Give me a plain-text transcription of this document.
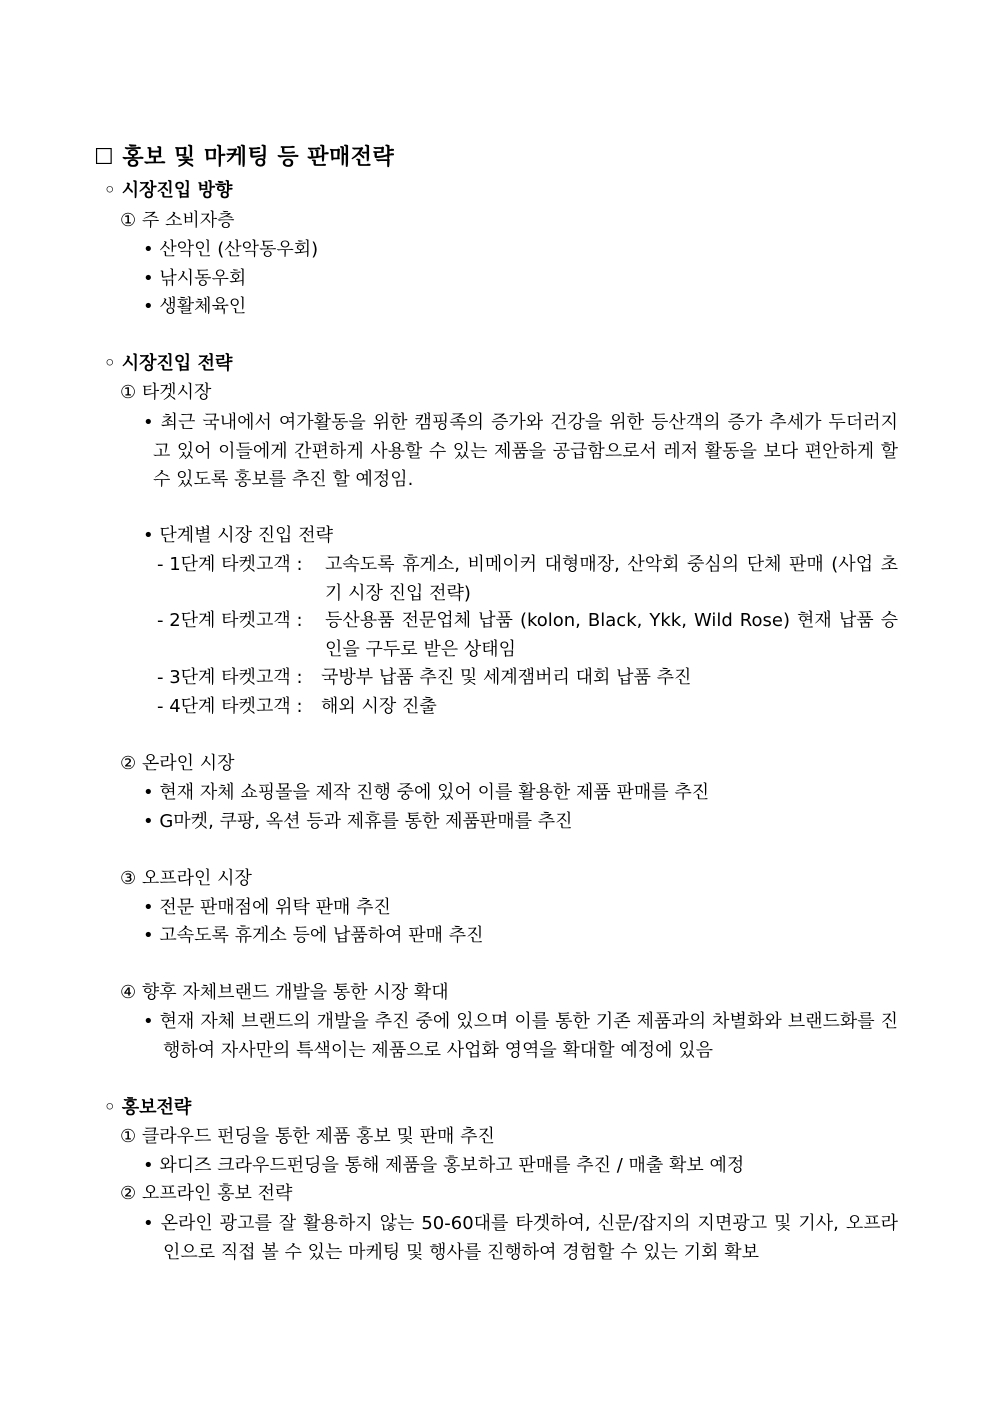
☐ 홍보 및 마케팅 등 판매전략
◦ 시장진입 방향
① 주 소비자층
• 산악인 (산악동우회)
• 낚시동우회
• 생활체육인
◦ 시장진입 전략
① 타겟시장
• 최근 국내에서 여가활동을 위한 캠핑족의 증가와 건강을 위한 등산객의 증가 추세가 두더러지고 있어 이들에게 간편하게 사용할 수 있는 제품을 공급함으로서 레저 활동을 보다 편안하게 할 수 있도록 홍보를 추진 할 예정임.
• 단계별 시장 진입 전략
- 1단계 타켓고객 : 고속도록 휴게소, 비메이커 대형매장, 산악회 중심의 단체 판매 (사업 초기 시장 진입 전략)
- 2단계 타켓고객 : 등산용품 전문업체 납품 (kolon, Black, Ykk, Wild Rose) 현재 납품 승인을 구두로 받은 상태임
- 3단계 타켓고객 : 국방부 납품 추진 및 세계잼버리 대회 납품 추진
- 4단계 타켓고객 : 해외 시장 진출
② 온라인 시장
• 현재 자체 쇼핑몰을 제작 진행 중에 있어 이를 활용한 제품 판매를 추진
• G마켓, 쿠팡, 옥션 등과 제휴를 통한 제품판매를 추진
③ 오프라인 시장
• 전문 판매점에 위탁 판매 추진
• 고속도록 휴게소 등에 납품하여 판매 추진
④ 향후 자체브랜드 개발을 통한 시장 확대
• 현재 자체 브랜드의 개발을 추진 중에 있으며 이를 통한 기존 제품과의 차별화와 브랜드화를 진행하여 자사만의 특색이는 제품으로 사업화 영역을 확대할 예정에 있음
◦ 홍보전략
① 클라우드 펀딩을 통한 제품 홍보 및 판매 추진
• 와디즈 크라우드펀딩을 통해 제품을 홍보하고 판매를 추진 / 매출 확보 예정
② 오프라인 홍보 전략
• 온라인 광고를 잘 활용하지 않는 50-60대를 타겟하여, 신문/잡지의 지면광고 및 기사, 오프라인으로 직접 볼 수 있는 마케팅 및 행사를 진행하여 경험할 수 있는 기회 확보
